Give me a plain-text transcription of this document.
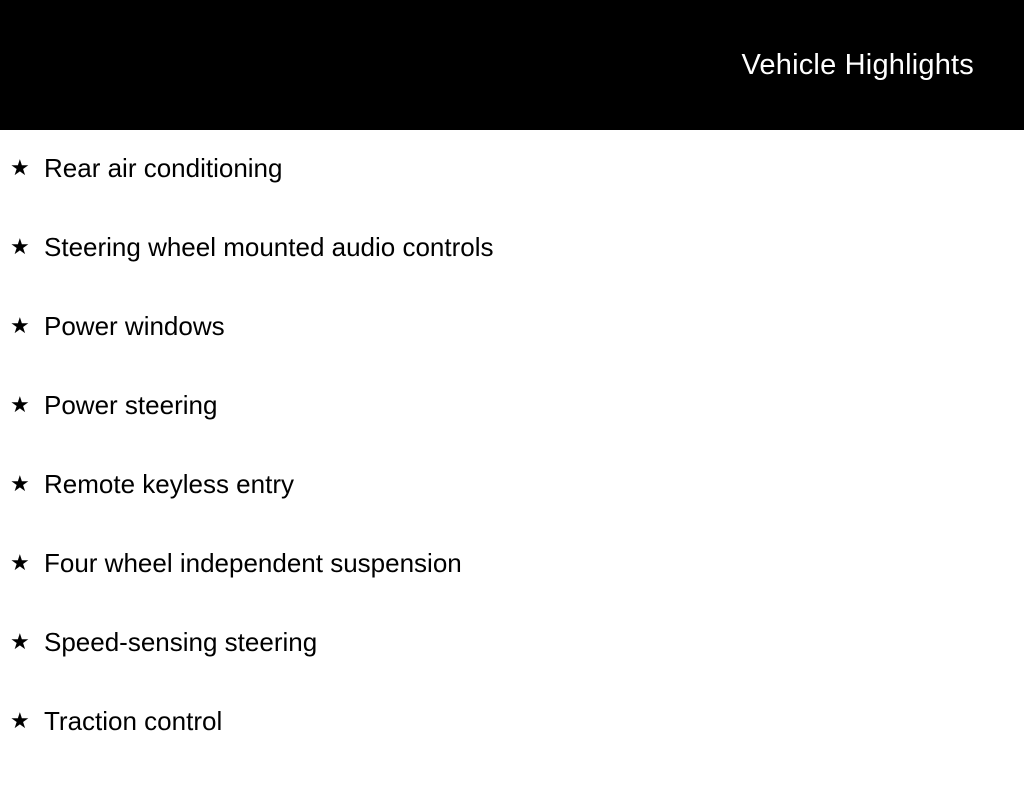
Vehicle Highlights
★ Rear air conditioning
★ Steering wheel mounted audio controls
★ Power windows
★ Power steering
★ Remote keyless entry
★ Four wheel independent suspension
★ Speed-sensing steering
★ Traction control
